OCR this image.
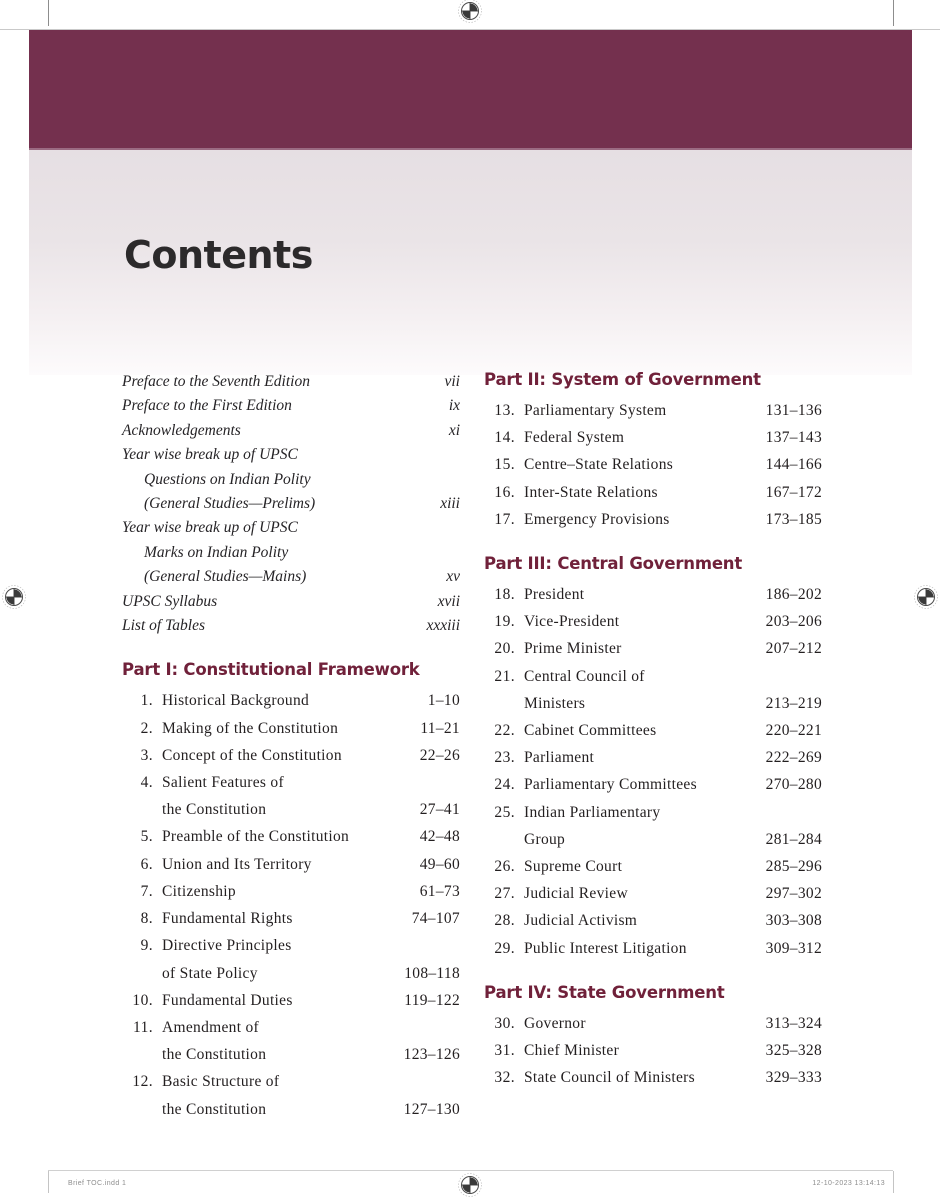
Contents
Preface to the Seventh Edition	vii
Preface to the First Edition	ix
Acknowledgements	xi
Year wise break up of UPSC
Questions on Indian Polity
(General Studies—Prelims)	xiii
Year wise break up of UPSC
Marks on Indian Polity
(General Studies—Mains)	xv
UPSC Syllabus	xvii
List of Tables	xxxiii
Part I: Constitutional Framework
1. Historical Background	1–10
2. Making of the Constitution	11–21
3. Concept of the Constitution	22–26
4. Salient Features of
the Constitution	27–41
5. Preamble of the Constitution	42–48
6. Union and Its Territory	49–60
7. Citizenship	61–73
8. Fundamental Rights	74–107
9. Directive Principles
of State Policy	108–118
10. Fundamental Duties	119–122
11. Amendment of
the Constitution	123–126
12. Basic Structure of
the Constitution	127–130
Part II: System of Government
13. Parliamentary System	131–136
14. Federal System	137–143
15. Centre–State Relations	144–166
16. Inter-State Relations	167–172
17. Emergency Provisions	173–185
Part III: Central Government
18. President	186–202
19. Vice-President	203–206
20. Prime Minister	207–212
21. Central Council of
Ministers	213–219
22. Cabinet Committees	220–221
23. Parliament	222–269
24. Parliamentary Committees	270–280
25. Indian Parliamentary
Group	281–284
26. Supreme Court	285–296
27. Judicial Review	297–302
28. Judicial Activism	303–308
29. Public Interest Litigation	309–312
Part IV: State Government
30. Governor	313–324
31. Chief Minister	325–328
32. State Council of Ministers	329–333
Brief TOC.indd 1	12-10-2023 13:14:13
